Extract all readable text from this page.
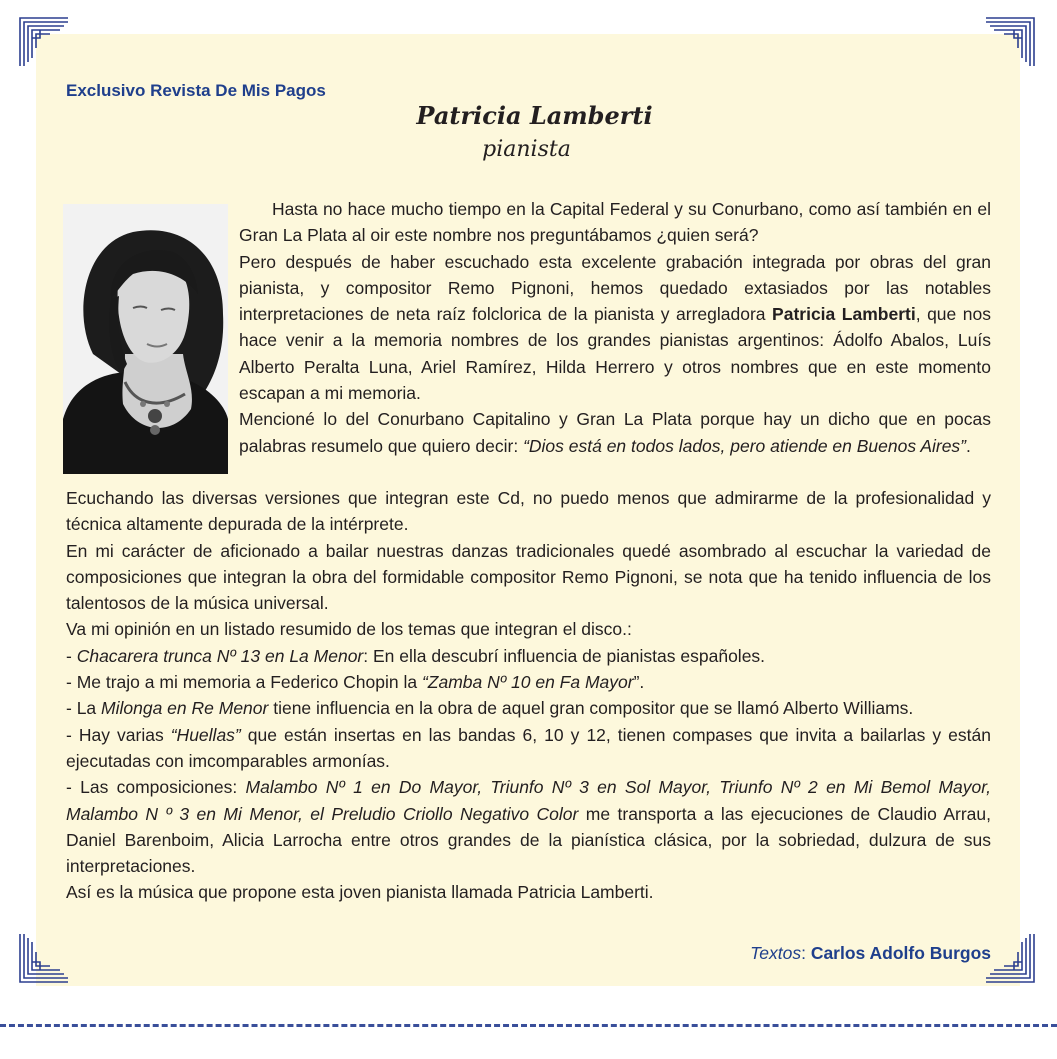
Exclusivo Revista De Mis Pagos
Patricia Lamberti
pianista
Hasta no hace mucho tiempo en la Capital Federal y su Conurbano, como así también en el Gran La Plata al oir este nombre nos preguntábamos ¿quien será?
Pero después de haber escuchado esta excelente grabación integrada por obras del gran pianista, y compositor Remo Pignoni, hemos quedado extasiados por las notables interpretaciones de neta raíz folclorica de la pianista y arregladora Patricia Lamberti, que nos hace venir a la memoria nombres de los grandes pianistas argentinos: Ádolfo Abalos, Luís Alberto Peralta Luna, Ariel Ramírez, Hilda Herrero y otros nombres que en este momento escapan a mi memoria.
Mencioné lo del Conurbano Capitalino y Gran La Plata porque hay un dicho que en pocas palabras resumelo que quiero decir: “Dios está en todos lados, pero atiende en Buenos Aires”.
Ecuchando las diversas versiones que integran este Cd, no puedo menos que admirarme de la profesionalidad y técnica altamente depurada de la intérprete.
En mi carácter de aficionado a bailar nuestras danzas tradicionales quedé asombrado al escuchar la variedad de composiciones que integran la obra del formidable compositor Remo Pignoni, se nota que ha tenido influencia de los talentosos de la música universal.
Va mi opinión en un listado resumido de los temas que integran el disco.:
- Chacarera trunca Nº 13 en La Menor: En ella descubrí influencia de pianistas españoles.
- Me trajo a mi memoria a Federico Chopin la “Zamba Nº 10 en Fa Mayor”.
- La Milonga en Re Menor tiene influencia en la obra de aquel gran compositor que se llamó Alberto Williams.
- Hay varias “Huellas” que están insertas en las bandas 6, 10 y 12, tienen compases que invita a bailarlas y están ejecutadas con imcomparables armonías.
- Las composiciones: Malambo Nº 1 en Do Mayor, Triunfo Nº 3 en Sol Mayor, Triunfo Nº 2 en Mi Bemol Mayor, Malambo N º 3 en Mi Menor, el Preludio Criollo Negativo Color me transporta a las ejecuciones de Claudio Arrau, Daniel Barenboim, Alicia Larrocha entre otros grandes de la pianística clásica, por la sobriedad, dulzura de sus interpretaciones.
Así es la música que propone esta joven pianista llamada Patricia Lamberti.
Textos: Carlos Adolfo Burgos
